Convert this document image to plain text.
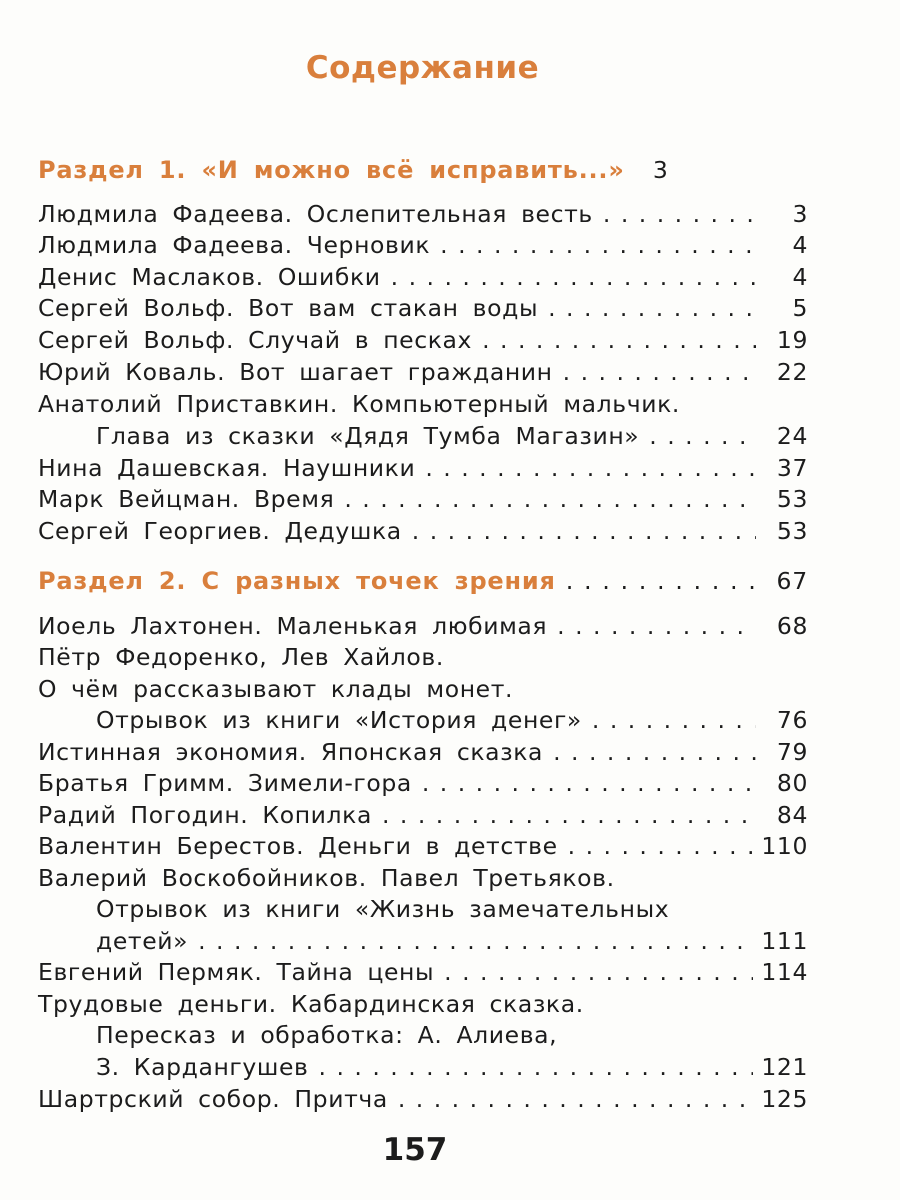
Содержание
Раздел 1. «И можно всё исправить...»	3
Людмила Фадеева. Ослепительная весть . . .	3
Людмила Фадеева. Черновик . . .	4
Денис Маслаков. Ошибки . . .	4
Сергей Вольф. Вот вам стакан воды . . .	5
Сергей Вольф. Случай в песках . . .	19
Юрий Коваль. Вот шагает гражданин . . .	22
Анатолий Приставкин. Компьютерный мальчик.
Глава из сказки «Дядя Тумба Магазин» . . .	24
Нина Дашевская. Наушники . . .	37
Марк Вейцман. Время . . .	53
Сергей Георгиев. Дедушка . . .	53
Раздел 2. С разных точек зрения . . .	67
Иоель Лахтонен. Маленькая любимая . . .	68
Пётр Федоренко, Лев Хайлов.
О чём рассказывают клады монет.
Отрывок из книги «История денег» . . .	76
Истинная экономия. Японская сказка . . .	79
Братья Гримм. Зимели-гора . . .	80
Радий Погодин. Копилка . . .	84
Валентин Берестов. Деньги в детстве . . .	110
Валерий Воскобойников. Павел Третьяков.
Отрывок из книги «Жизнь замечательных
детей» . . .	111
Евгений Пермяк. Тайна цены . . .	114
Трудовые деньги. Кабардинская сказка.
Пересказ и обработка: А. Алиева,
З. Кардангушев . . .	121
Шартрский собор. Притча . . .	125
157
